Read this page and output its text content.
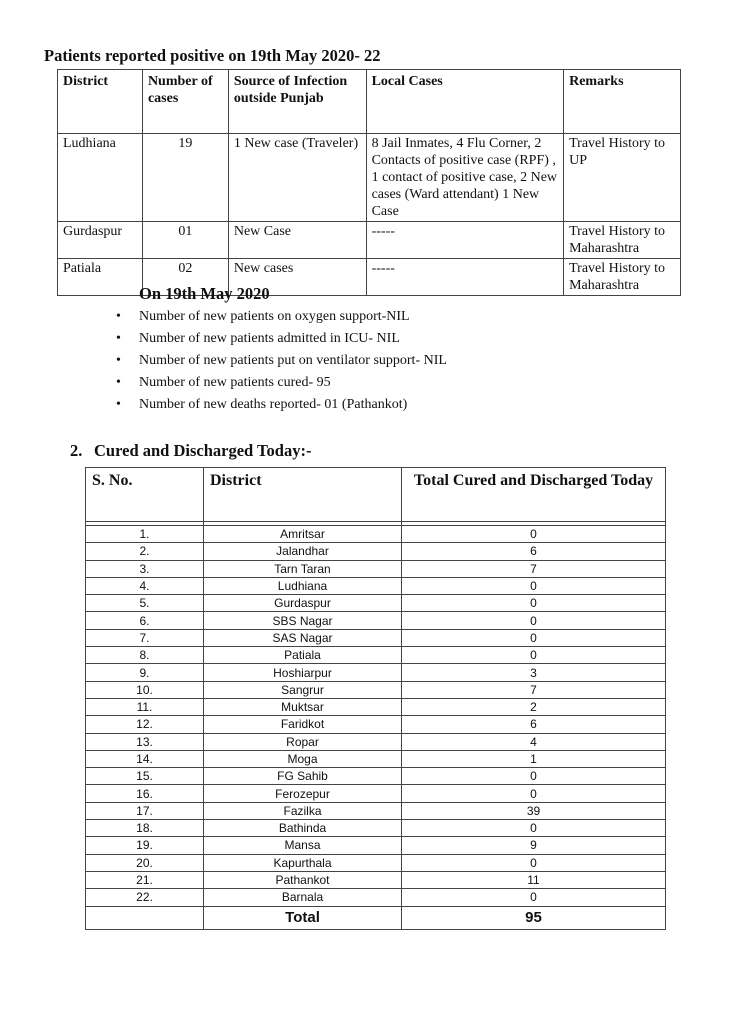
Patients reported positive on 19th May 2020- 22
District	Number of cases	Source of Infection outside Punjab	Local Cases	Remarks
Ludhiana	19	1 New case (Traveler)	8 Jail Inmates, 4 Flu Corner, 2 Contacts of positive case (RPF) , 1 contact of positive case, 2 New cases (Ward attendant) 1 New Case	Travel History to UP
Gurdaspur	01	New Case	-----	Travel History to Maharashtra
Patiala	02	New cases	-----	Travel History to Maharashtra
On 19th May 2020
• Number of new patients on oxygen support-NIL
• Number of new patients admitted in ICU- NIL
• Number of new patients put on ventilator support- NIL
• Number of new patients cured- 95
• Number of new deaths reported- 01 (Pathankot)
2. Cured and Discharged Today:-
S. No.	District	Total Cured and Discharged Today

1.	Amritsar	0
2.	Jalandhar	6
3.	Tarn Taran	7
4.	Ludhiana	0
5.	Gurdaspur	0
6.	SBS Nagar	0
7.	SAS Nagar	0
8.	Patiala	0
9.	Hoshiarpur	3
10.	Sangrur	7
11.	Muktsar	2
12.	Faridkot	6
13.	Ropar	4
14.	Moga	1
15.	FG Sahib	0
16.	Ferozepur	0
17.	Fazilka	39
18.	Bathinda	0
19.	Mansa	9
20.	Kapurthala	0
21.	Pathankot	11
22.	Barnala	0
	Total	95
